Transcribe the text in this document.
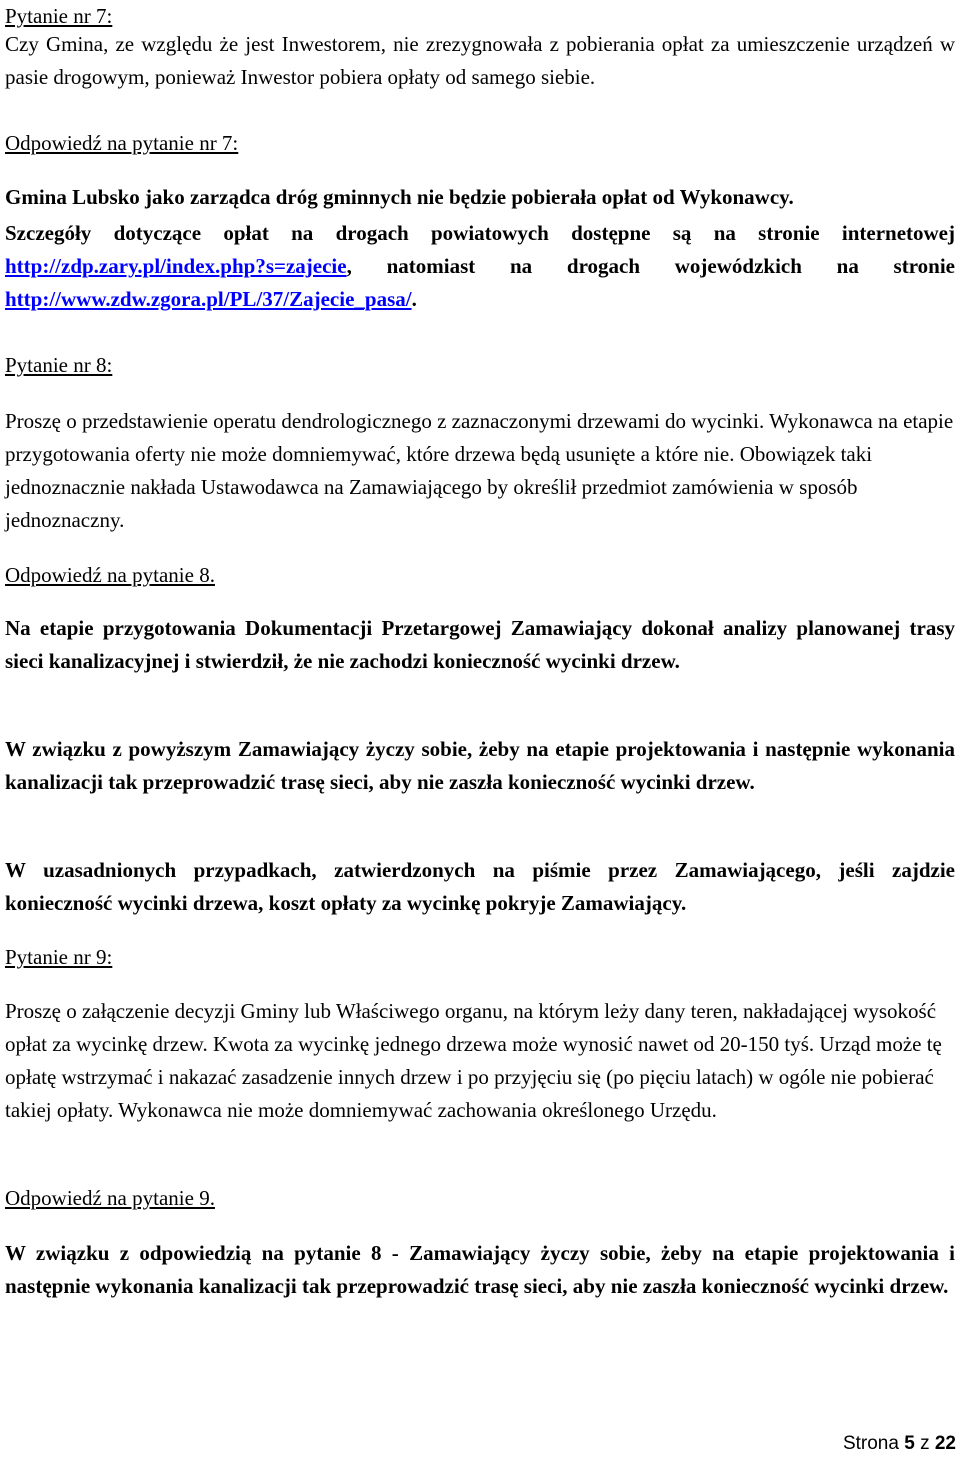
Pytanie nr 7:

Czy Gmina, ze względu że jest Inwestorem, nie zrezygnowała z pobierania opłat za umieszczenie urządzeń w pasie drogowym, ponieważ Inwestor pobiera opłaty od samego siebie.

Odpowiedź na pytanie nr 7:

Gmina Lubsko jako zarządca dróg gminnych nie będzie pobierała opłat od Wykonawcy.

Szczegóły dotyczące opłat na drogach powiatowych dostępne są na stronie internetowej http://zdp.zary.pl/index.php?s=zajecie, natomiast na drogach wojewódzkich na stronie http://www.zdw.zgora.pl/PL/37/Zajecie_pasa/.

Pytanie nr 8:

Proszę o przedstawienie operatu dendrologicznego z zaznaczonymi drzewami do wycinki. Wykonawca na etapie przygotowania oferty nie może domniemywać, które drzewa będą usunięte a które nie. Obowiązek taki jednoznacznie nakłada Ustawodawca na Zamawiającego by określił przedmiot zamówienia w sposób jednoznaczny.

Odpowiedź na pytanie 8.

Na etapie przygotowania Dokumentacji Przetargowej Zamawiający dokonał analizy planowanej trasy sieci kanalizacyjnej i stwierdził, że nie zachodzi konieczność wycinki drzew.

W związku z powyższym Zamawiający życzy sobie, żeby na etapie projektowania i następnie wykonania kanalizacji tak przeprowadzić trasę sieci, aby nie zaszła konieczność wycinki drzew.

W uzasadnionych przypadkach, zatwierdzonych na piśmie przez Zamawiającego, jeśli zajdzie konieczność wycinki drzewa, koszt opłaty za wycinkę pokryje Zamawiający.

Pytanie nr 9:

Proszę o załączenie decyzji Gminy lub Właściwego organu, na którym leży dany teren, nakładającej wysokość opłat za wycinkę drzew. Kwota za wycinkę jednego drzewa może wynosić nawet od 20-150 tyś. Urząd może tę opłatę wstrzymać i nakazać zasadzenie innych drzew i po przyjęciu się (po pięciu latach) w ogóle nie pobierać takiej opłaty. Wykonawca nie może domniemywać zachowania określonego Urzędu.

Odpowiedź na pytanie 9.

W związku z odpowiedzią na pytanie 8 - Zamawiający życzy sobie, żeby na etapie projektowania i następnie wykonania kanalizacji tak przeprowadzić trasę sieci, aby nie zaszła konieczność wycinki drzew.

Strona 5 z 22
